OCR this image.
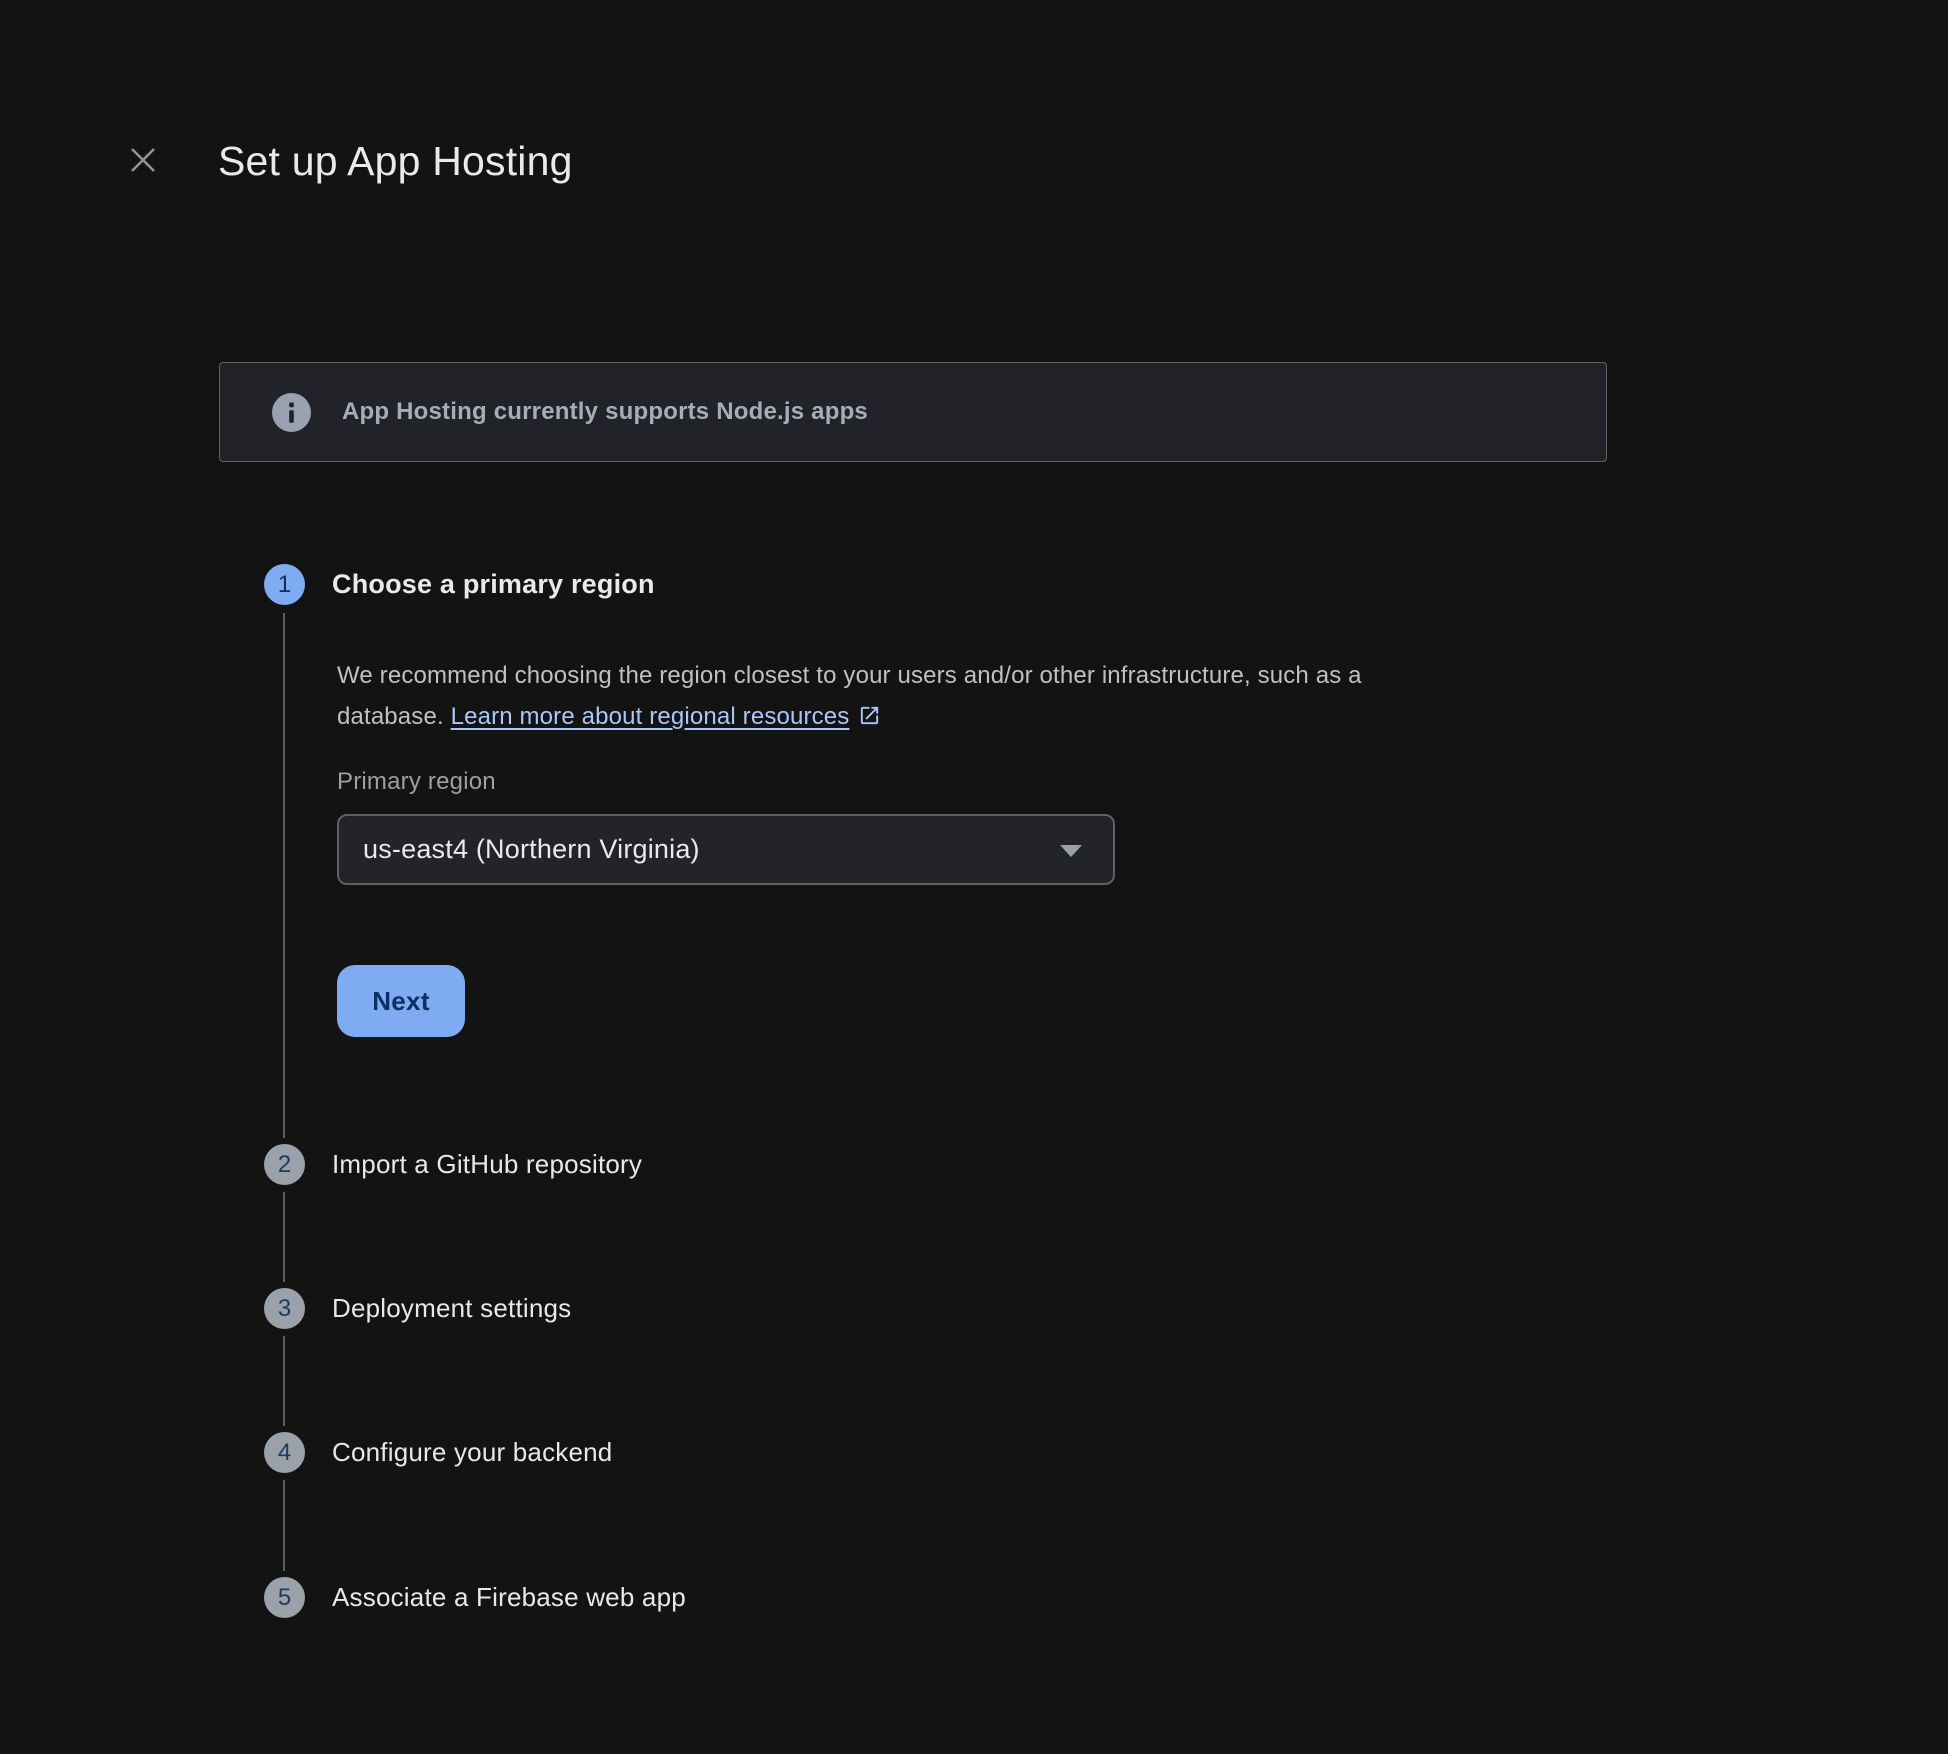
Set up App Hosting
App Hosting currently supports Node.js apps
1	Choose a primary region
We recommend choosing the region closest to your users and/or other infrastructure, such as a
database. Learn more about regional resources
Primary region
us-east4 (Northern Virginia)
Next
2	Import a GitHub repository
3	Deployment settings
4	Configure your backend
5	Associate a Firebase web app
